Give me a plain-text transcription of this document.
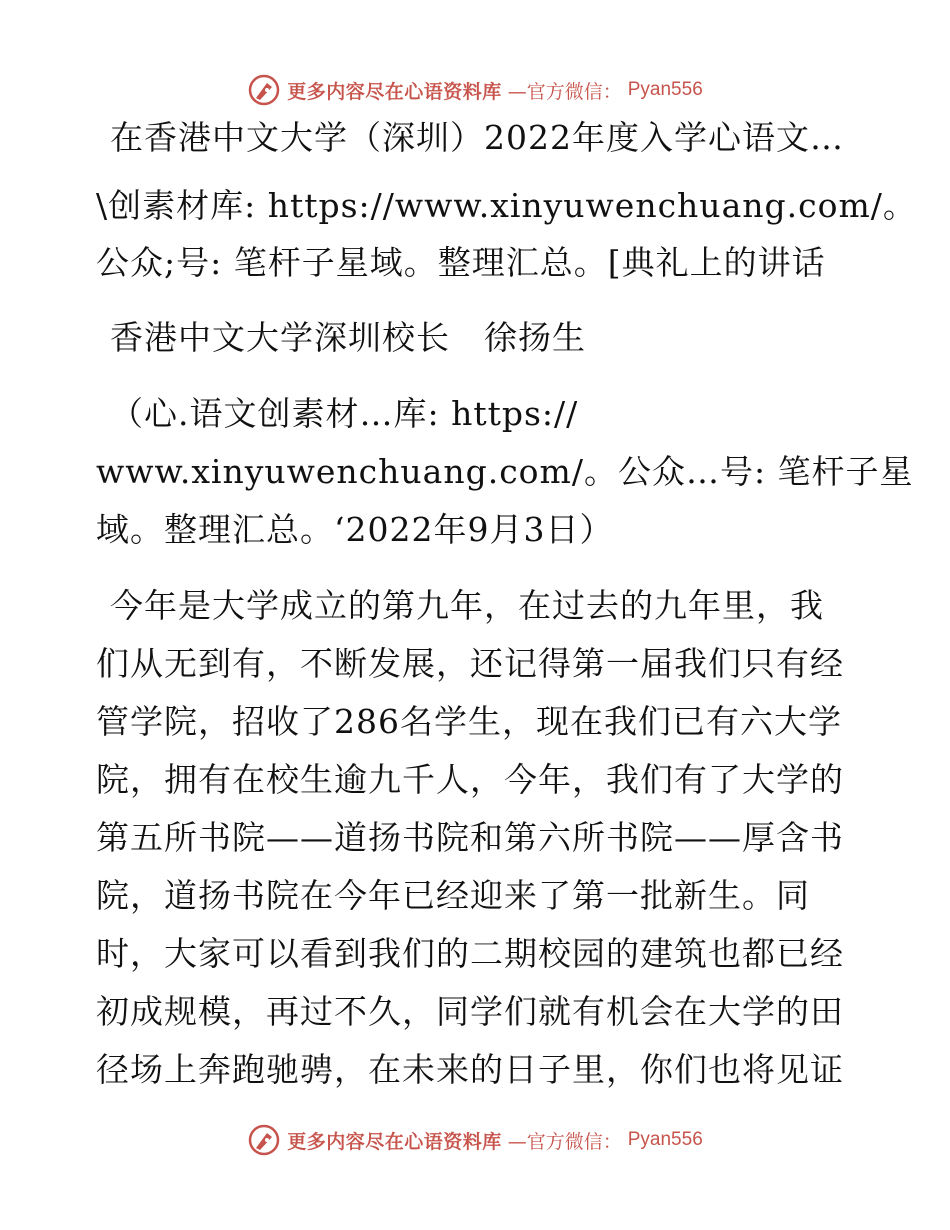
更多内容尽在心语资料库 —官方微信： Pyan556
在香港中文大学（深圳）2022年度入学心语文…
\创素材库: https://www.xinyuwenchuang.com/。
公众;号: 笔杆子星域。整理汇总。[典礼上的讲话
香港中文大学深圳校长　徐扬生
（心.语文创素材…库: https://
www.xinyuwenchuang.com/。公众…号: 笔杆子星
域。整理汇总。‘2022年9月3日）
今年是大学成立的第九年，在过去的九年里，我
们从无到有，不断发展，还记得第一届我们只有经
管学院，招收了286名学生，现在我们已有六大学
院，拥有在校生逾九千人，今年，我们有了大学的
第五所书院——道扬书院和第六所书院——厚含书
院，道扬书院在今年已经迎来了第一批新生。同
时，大家可以看到我们的二期校园的建筑也都已经
初成规模，再过不久，同学们就有机会在大学的田
径场上奔跑驰骋，在未来的日子里，你们也将见证
更多内容尽在心语资料库 —官方微信： Pyan556
